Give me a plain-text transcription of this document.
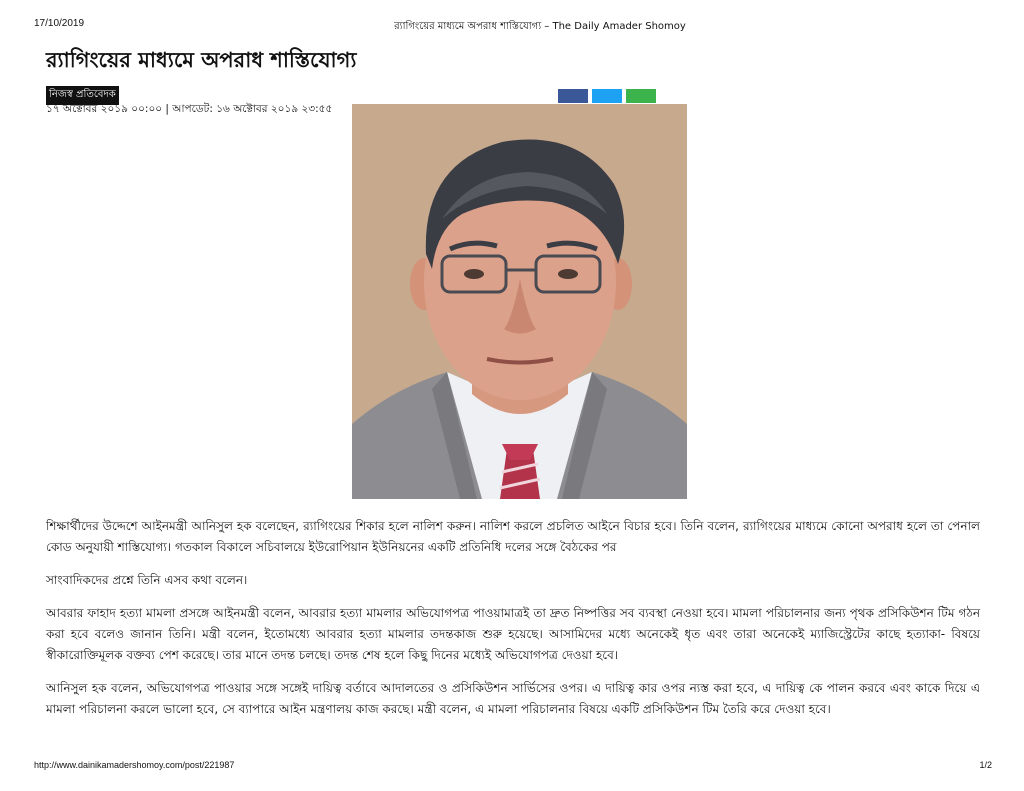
17/10/2019	র‍্যাগিংয়ের মাধ্যমে অপরাধ শাস্তিযোগ্য – The Daily Amader Shomoy
র‍্যাগিংয়ের মাধ্যমে অপরাধ শাস্তিযোগ্য
নিজস্ব প্রতিবেদক
১৭ অক্টোবর ২০১৯ ০০:০০ | আপডেট: ১৬ অক্টোবর ২০১৯ ২৩:৫৫

শিক্ষার্থীদের উদ্দেশে আইনমন্ত্রী আনিসুল হক বলেছেন, র‍্যাগিংয়ের শিকার হলে নালিশ করুন। নালিশ করলে প্রচলিত আইনে বিচার হবে। তিনি বলেন, র‍্যাগিংয়ের মাধ্যমে কোনো অপরাধ হলে তা পেনাল কোড অনুযায়ী শাস্তিযোগ্য। গতকাল বিকালে সচিবালয়ে ইউরোপিয়ান ইউনিয়নের একটি প্রতিনিধি দলের সঙ্গে বৈঠকের পর

সাংবাদিকদের প্রশ্নে তিনি এসব কথা বলেন।

আবরার ফাহাদ হত্যা মামলা প্রসঙ্গে আইনমন্ত্রী বলেন, আবরার হত্যা মামলার অভিযোগপত্র পাওয়ামাত্রই তা দ্রুত নিষ্পত্তির সব ব্যবস্থা নেওয়া হবে। মামলা পরিচালনার জন্য পৃথক প্রসিকিউশন টিম গঠন করা হবে বলেও জানান তিনি। মন্ত্রী বলেন, ইতোমধ্যে আবরার হত্যা মামলার তদন্তকাজ শুরু হয়েছে। আসামিদের মধ্যে অনেকেই ধৃত এবং তারা অনেকেই ম্যাজিস্ট্রেটের কাছে হত্যাকা- বিষয়ে স্বীকারোক্তিমূলক বক্তব্য পেশ করেছে। তার মানে তদন্ত চলছে। তদন্ত শেষ হলে কিছু দিনের মধ্যেই অভিযোগপত্র দেওয়া হবে।

আনিসুল হক বলেন, অভিযোগপত্র পাওয়ার সঙ্গে সঙ্গেই দায়িত্ব বর্তাবে আদালতের ও প্রসিকিউশন সার্ভিসের ওপর। এ দায়িত্ব কার ওপর ন্যস্ত করা হবে, এ দায়িত্ব কে পালন করবে এবং কাকে দিয়ে এ মামলা পরিচালনা করলে ভালো হবে, সে ব্যাপারে আইন মন্ত্রণালয় কাজ করছে। মন্ত্রী বলেন, এ মামলা পরিচালনার বিষয়ে একটি প্রসিকিউশন টিম তৈরি করে দেওয়া হবে।

http://www.dainikamadershomoy.com/post/221987	1/2
